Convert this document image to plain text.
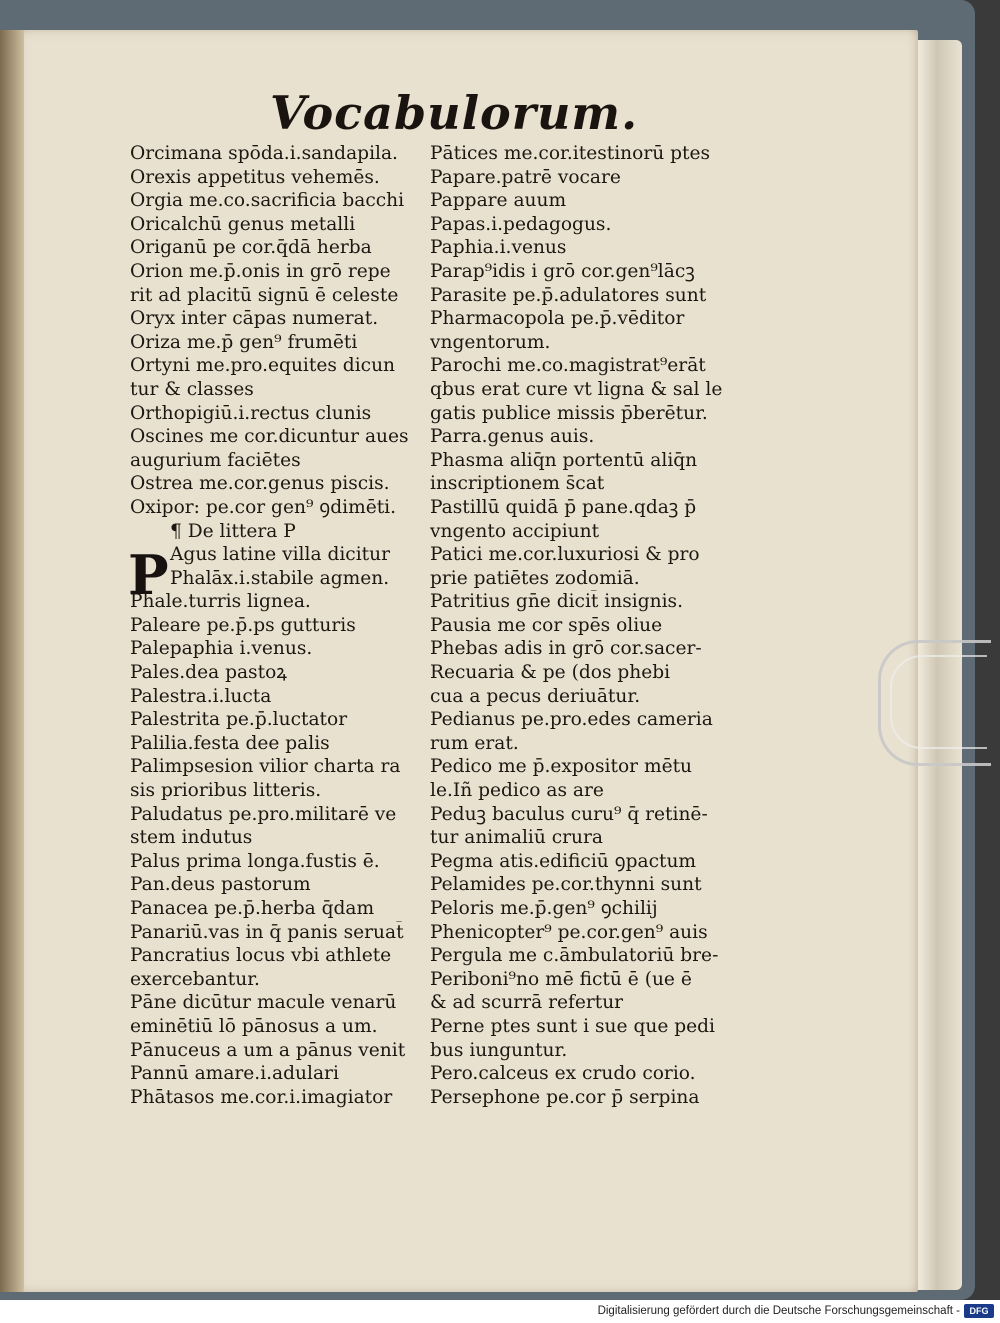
Vocabulorum.
P
Orcimana spōda.i.sandapila.
Orexis appetitus vehemēs.
Orgia me.co.sacrificia bacchi
Oricalchū genus metalli
Origanū pe cor.q̄dā herba
Orion me.p̄.onis in grō repe
rit ad placitū signū ē celeste
Oryx inter cāpas numerat.
Oriza me.p̄ gen⁹ frumēti
Ortyni me.pro.equites dicun
tur & classes
Orthopigiū.i.rectus clunis
Oscines me cor.dicuntur aues
augurium faciētes
Ostrea me.cor.genus piscis.
Oxipor: pe.cor gen⁹ ꝯdimēti.
¶ De littera P
Agus latine villa dicitur
Phalāx.i.stabile agmen.
Phale.turris lignea.
Paleare pe.p̄.ps gutturis
Palepaphia i.venus.
Pales.dea pastoꝝ
Palestra.i.lucta
Palestrita pe.p̄.luctator
Palilia.festa dee palis
Palimpsesion vilior charta ra
sis prioribus litteris.
Paludatus pe.pro.militarē ve
stem indutus
Palus prima longa.fustis ē.
Pan.deus pastorum
Panacea pe.p̄.herba q̄dam
Panariū.vas in q̄ panis seruat̄
Pancratius locus vbi athlete
exercebantur.
Pāne dicūtur macule venarū
eminētiū lō pānosus a um.
Pānuceus a um a pānus venit
Pannū amare.i.adulari
Phātasos me.cor.i.imagiator
Pātices me.cor.itestinorū ptes
Papare.patrē vocare
Pappare auum
Papas.i.pedagogus.
Paphia.i.venus
Parap⁹idis i grō cor.gen⁹lācꝫ
Parasite pe.p̄.adulatores sunt
Pharmacopola pe.p̄.vēditor
vngentorum.
Parochi me.co.magistrat⁹erāt
qbus erat cure vt ligna & sal le
gatis publice missis p̄berētur.
Parra.genus auis.
Phasma aliq̄n portentū aliq̄n
inscriptionem s̄cat
Pastillū quidā p̄ pane.qdaꝫ p̄
vngento accipiunt
Patici me.cor.luxuriosi & pro
prie patiētes zodomiā.
Patritius gn̄e dicit̄ insignis.
Pausia me cor spēs oliue
Phebas adis in grō cor.sacer-
Recuaria & pe (dos phebi
cua a pecus deriuātur.
Pedianus pe.pro.edes cameria
rum erat.
Pedico me p̄.expositor mētu
le.Iñ pedico as are
Peduꝫ baculus curu⁹ q̄ retinē-
tur animaliū crura
Pegma atis.edificiū ꝯpactum
Pelamides pe.cor.thynni sunt
Peloris me.p̄.gen⁹ ꝯchilij
Phenicopter⁹ pe.cor.gen⁹ auis
Pergula me c.āmbulatoriū bre-
Periboni⁹no mē fictū ē (ue ē
& ad scurrā refertur
Perne ptes sunt i sue que pedi
bus iunguntur.
Pero.calceus ex crudo corio.
Persephone pe.cor p̄ serpina
Digitalisierung gefördert durch die Deutsche Forschungsgemeinschaft -	DFG
